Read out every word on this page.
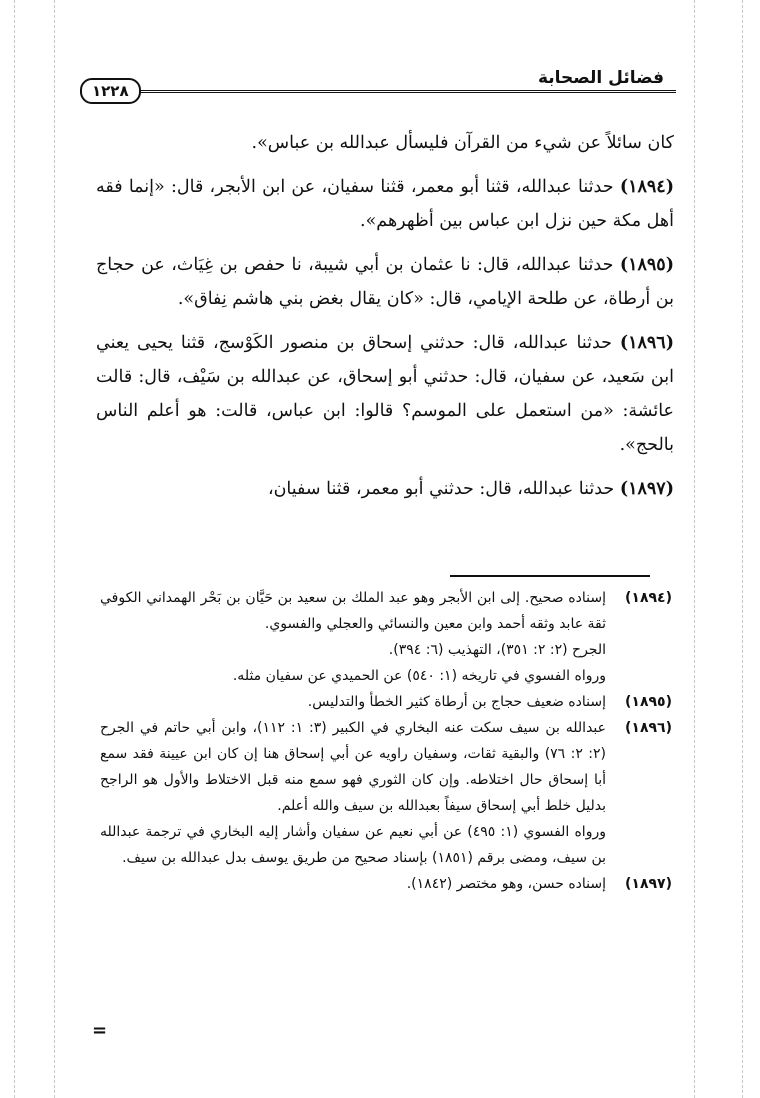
فضائل الصحابة
١٢٢٨

كان سائلاً عن شيء من القرآن فليسأل عبدالله بن عباس».

(١٨٩٤) حدثنا عبدالله، قثنا أبو معمر، قثنا سفيان، عن ابن الأبجر، قال: «إنما فقه أهل مكة حين نزل ابن عباس بين أظهرهم».

(١٨٩٥) حدثنا عبدالله، قال: نا عثمان بن أبي شيبة، نا حفص بن غِيَاث، عن حجاج بن أرطاة، عن طلحة الإيامي، قال: «كان يقال بغض بني هاشم نِفاق».

(١٨٩٦) حدثنا عبدالله، قال: حدثني إسحاق بن منصور الكَوْسج، قثنا يحيى يعني ابن سَعيد، عن سفيان، قال: حدثني أبو إسحاق، عن عبدالله بن سَيْف، قال: قالت عائشة: «من استعمل على الموسم؟ قالوا: ابن عباس، قالت: هو أعلم الناس بالحج».

(١٨٩٧) حدثنا عبدالله، قال: حدثني أبو معمر، قثنا سفيان،

(١٨٩٤)

إسناده صحيح. إلى ابن الأبجر وهو عبد الملك بن سعيد بن حَيَّان بن بَحْر الهمداني الكوفي ثقة عابد وثقه أحمد وابن معين والنسائي والعجلي والفسوي.

الجرح (٢: ٢: ٣٥١)، التهذيب (٦: ٣٩٤).

ورواه الفسوي في تاريخه (١: ٥٤٠) عن الحميدي عن سفيان مثله.

(١٨٩٥)

إسناده ضعيف حجاج بن أرطاة كثير الخطأ والتدليس.

(١٨٩٦)

عبدالله بن سيف سكت عنه البخاري في الكبير (٣: ١: ١١٢)، وابن أبي حاتم في الجرح (٢: ٢: ٧٦) والبقية ثقات، وسفيان راويه عن أبي إسحاق هنا إن كان ابن عيينة فقد سمع أبا إسحاق حال اختلاطه. وإن كان الثوري فهو سمع منه قبل الاختلاط والأول هو الراجح بدليل خلط أبي إسحاق سيفاً بعبدالله بن سيف والله أعلم.

ورواه الفسوي (١: ٤٩٥) عن أبي نعيم عن سفيان وأشار إليه البخاري في ترجمة عبدالله بن سيف، ومضى برقم (١٨٥١) بإسناد صحيح من طريق يوسف بدل عبدالله بن سيف.

(١٨٩٧)

إسناده حسن، وهو مختصر (١٨٤٢).

=
